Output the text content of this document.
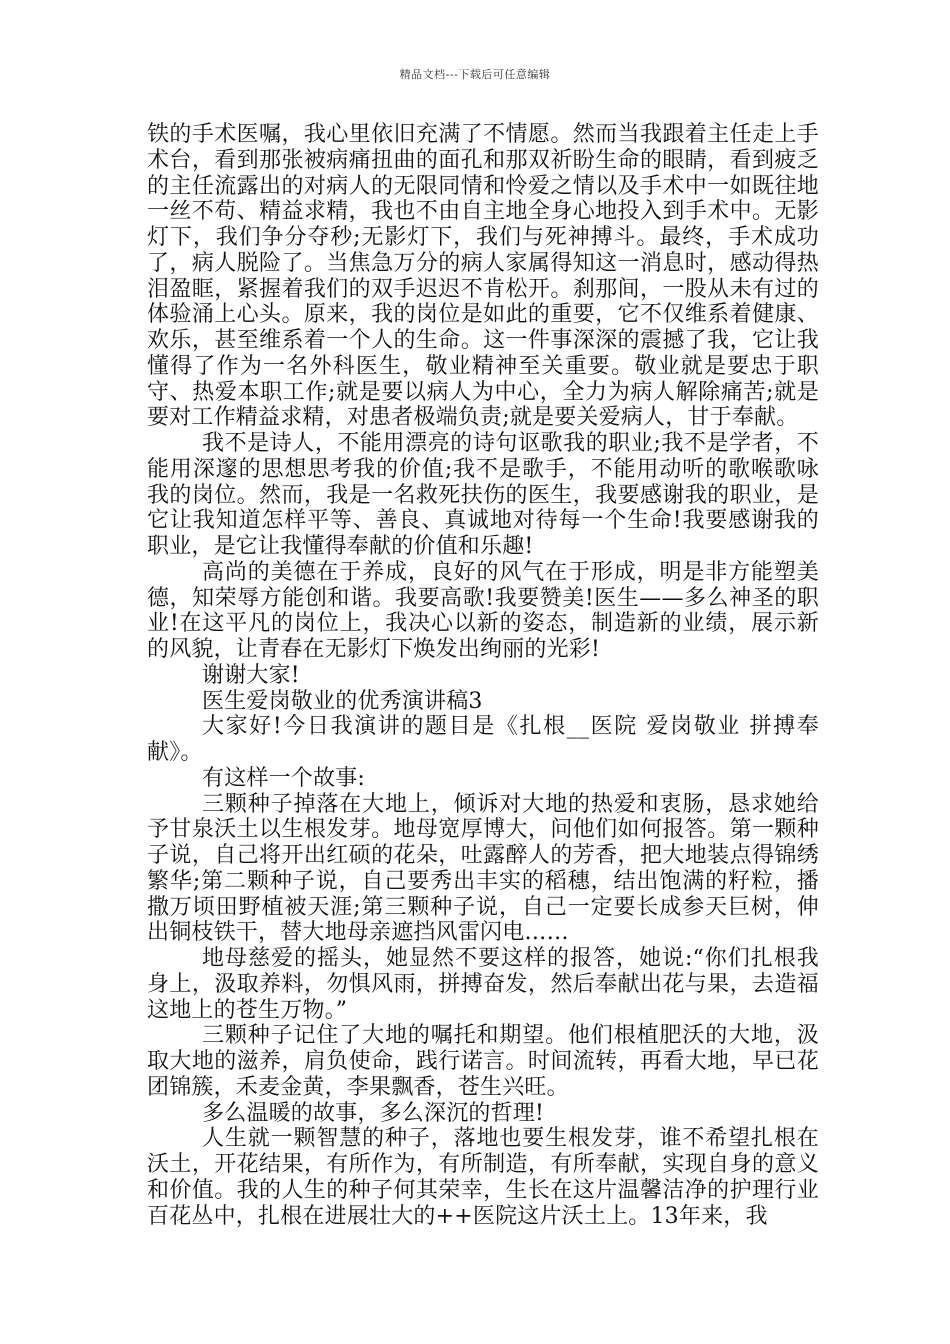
精品文档---下载后可任意编辑

铁的手术医嘱，我心里依旧充满了不情愿。然而当我跟着主任走上手术台，看到那张被病痛扭曲的面孔和那双祈盼生命的眼睛，看到疲乏的主任流露出的对病人的无限同情和怜爱之情以及手术中一如既往地一丝不苟、精益求精，我也不由自主地全身心地投入到手术中。无影灯下，我们争分夺秒;无影灯下，我们与死神搏斗。最终，手术成功了，病人脱险了。当焦急万分的病人家属得知这一消息时，感动得热泪盈眶，紧握着我们的双手迟迟不肯松开。刹那间，一股从未有过的体验涌上心头。原来，我的岗位是如此的重要，它不仅维系着健康、欢乐，甚至维系着一个人的生命。这一件事深深的震撼了我，它让我懂得了作为一名外科医生，敬业精神至关重要。敬业就是要忠于职守、热爱本职工作;就是要以病人为中心，全力为病人解除痛苦;就是要对工作精益求精，对患者极端负责;就是要关爱病人，甘于奉献。

我不是诗人，不能用漂亮的诗句讴歌我的职业;我不是学者，不能用深邃的思想思考我的价值;我不是歌手，不能用动听的歌喉歌咏我的岗位。然而，我是一名救死扶伤的医生，我要感谢我的职业，是它让我知道怎样平等、善良、真诚地对待每一个生命!我要感谢我的职业，是它让我懂得奉献的价值和乐趣!

高尚的美德在于养成，良好的风气在于形成，明是非方能塑美德，知荣辱方能创和谐。我要高歌!我要赞美!医生——多么神圣的职业!在这平凡的岗位上，我决心以新的姿态，制造新的业绩，展示新的风貌，让青春在无影灯下焕发出绚丽的光彩!

谢谢大家!

医生爱岗敬业的优秀演讲稿3

大家好!今日我演讲的题目是《扎根__医院 爱岗敬业 拼搏奉献》。

有这样一个故事:

三颗种子掉落在大地上，倾诉对大地的热爱和衷肠，恳求她给予甘泉沃土以生根发芽。地母宽厚博大，问他们如何报答。第一颗种子说，自己将开出红硕的花朵，吐露醉人的芳香，把大地装点得锦绣繁华;第二颗种子说，自己要秀出丰实的稻穗，结出饱满的籽粒，播撒万顷田野植被天涯;第三颗种子说，自己一定要长成参天巨树，伸出铜枝铁干，替大地母亲遮挡风雷闪电……

地母慈爱的摇头，她显然不要这样的报答，她说:“你们扎根我身上，汲取养料，勿惧风雨，拼搏奋发，然后奉献出花与果，去造福这地上的苍生万物。”

三颗种子记住了大地的嘱托和期望。他们根植肥沃的大地，汲取大地的滋养，肩负使命，践行诺言。时间流转，再看大地，早已花团锦簇，禾麦金黄，李果飘香，苍生兴旺。

多么温暖的故事，多么深沉的哲理!

人生就一颗智慧的种子，落地也要生根发芽，谁不希望扎根在沃土，开花结果，有所作为，有所制造，有所奉献，实现自身的意义和价值。我的人生的种子何其荣幸，生长在这片温馨洁净的护理行业百花丛中，扎根在进展壮大的++医院这片沃土上。13年来，我
